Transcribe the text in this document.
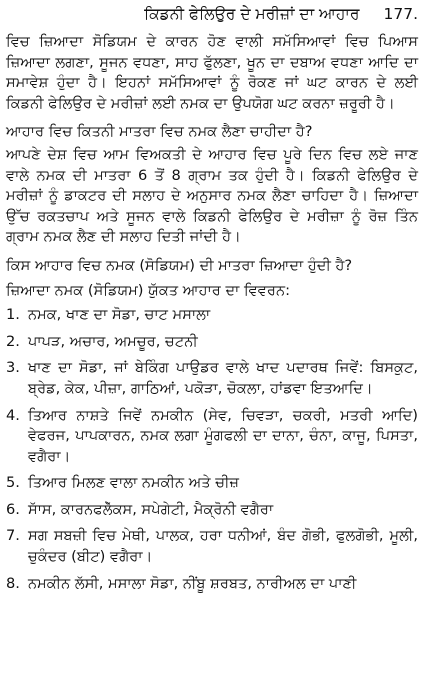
ਕਿਡਨੀ ਫੇਲਿਉਰ ਦੇ ਮਰੀਜ਼ਾਂ ਦਾ ਆਹਾਰ 177.

ਵਿਚ ਜ਼ਿਆਦਾ ਸੋਡਿਯਮ ਦੇ ਕਾਰਨ ਹੋਣ ਵਾਲੀ ਸਮੱਸਿਆਵਾਂ ਵਿਚ ਪਿਆਸ ਜ਼ਿਆਦਾ ਲਗਣਾ, ਸੂਜਨ ਵਧਣਾ, ਸਾਹ ਫੁੱਲਣਾ, ਖੂਨ ਦਾ ਦਬਾਅ ਵਧਣਾ ਆਦਿ ਦਾ ਸਮਾਵੇਸ਼ ਹੁੰਦਾ ਹੈ। ਇਹਨਾਂ ਸਮੱਸਿਆਵਾਂ ਨੂੰ ਰੋਕਣ ਜਾਂ ਘਟ ਕਾਰਨ ਦੇ ਲਈ ਕਿਡਨੀ ਫੇਲਿਉਰ ਦੇ ਮਰੀਜ਼ਾਂ ਲਈ ਨਮਕ ਦਾ ਉਪਯੋਗ ਘਟ ਕਰਨਾ ਜ਼ਰੂਰੀ ਹੈ।

ਆਹਾਰ ਵਿਚ ਕਿਤਨੀ ਮਾਤਰਾ ਵਿਚ ਨਮਕ ਲੈਣਾ ਚਾਹੀਦਾ ਹੈ?

ਆਪਣੇ ਦੇਸ਼ ਵਿਚ ਆਮ ਵਿਅਕਤੀ ਦੇ ਆਹਾਰ ਵਿਚ ਪੂਰੇ ਦਿਨ ਵਿਚ ਲਏ ਜਾਣ ਵਾਲੇ ਨਮਕ ਦੀ ਮਾਤਰਾ 6 ਤੋਂ 8 ਗ੍ਰਾਮ ਤਕ ਹੁੰਦੀ ਹੈ। ਕਿਡਨੀ ਫੇਲਿਉਰ ਦੇ ਮਰੀਜ਼ਾਂ ਨੂੰ ਡਾਕਟਰ ਦੀ ਸਲਾਹ ਦੇ ਅਨੁਸਾਰ ਨਮਕ ਲੈਣਾ ਚਾਹਿਦਾ ਹੈ। ਜ਼ਿਆਦਾ ਉੱਚ ਰਕਤਚਾਪ ਅਤੇ ਸੂਜਨ ਵਾਲੇ ਕਿਡਨੀ ਫੇਲਿਉਰ ਦੇ ਮਰੀਜ਼ਾ ਨੂੰ ਰੋਜ਼ ਤਿੰਨ ਗ੍ਰਾਮ ਨਮਕ ਲੈਣ ਦੀ ਸਲਾਹ ਦਿਤੀ ਜਾਂਦੀ ਹੈ।

ਕਿਸ ਆਹਾਰ ਵਿਚ ਨਮਕ (ਸੋਡਿਯਮ) ਦੀ ਮਾਤਰਾ ਜ਼ਿਆਦਾ ਹੁੰਦੀ ਹੈ?

ਜ਼ਿਆਦਾ ਨਮਕ (ਸੋਡਿਯਮ) ਯੁੱਕਤ ਆਹਾਰ ਦਾ ਵਿਵਰਨ:

1. ਨਮਕ, ਖਾਣ ਦਾ ਸੋਡਾ, ਚਾਟ ਮਸਾਲਾ
2. ਪਾਪੜ, ਅਚਾਰ, ਅਮਚੂਰ, ਚਟਨੀ
3. ਖਾਣ ਦਾ ਸੋਡਾ, ਜਾਂ ਬੇਕਿੰਗ ਪਾਉਡਰ ਵਾਲੇ ਖਾਦ ਪਦਾਰਥ ਜਿਵੇਂ: ਬਿਸਕੁਟ, ਬ੍ਰੇਡ, ਕੇਕ, ਪੀਜ਼ਾ, ਗਾਠਿਆਂ, ਪਕੋੜਾ, ਚੋਕਲਾ, ਹਾਂਡਵਾ ਇਤਆਦਿ।
4. ਤਿਆਰ ਨਾਸ਼ਤੇ ਜਿਵੇਂ ਨਮਕੀਨ (ਸੇਵ, ਚਿਵੜਾ, ਚਕਰੀ, ਮਤਰੀ ਆਦਿ) ਵੇਫਰਜ, ਪਾਪਕਾਰਨ, ਨਮਕ ਲਗਾ ਮੂੰਗਫਲੀ ਦਾ ਦਾਨਾ, ਚੰਨਾ, ਕਾਜੂ, ਪਿਸਤਾ, ਵਗੈਰਾ।
5. ਤਿਆਰ ਮਿਲਣ ਵਾਲਾ ਨਮਕੀਨ ਅਤੇ ਚੀਜ਼
6. ਸਾੱਸ, ਕਾਰਨਫਲੇੱਕਸ, ਸਪੇਗੇਟੀ, ਮੈਕ੍ਰੋਨੀ ਵਗੈਰਾ
7. ਸਗ ਸਬਜ਼ੀ ਵਿਚ ਮੇਥੀ, ਪਾਲਕ, ਹਰਾ ਧਨੀਆਂ, ਬੰਦ ਗੋਭੀ, ਫੁਲਗੋਭੀ, ਮੂਲੀ, ਚੁਕੰਦਰ (ਬੀਟ) ਵਗੈਰਾ।
8. ਨਮਕੀਨ ਲੱਸੀ, ਮਸਾਲਾ ਸੋਡਾ, ਨੀਂਬੂ ਸ਼ਰਬਤ, ਨਾਰੀਅਲ ਦਾ ਪਾਣੀ
